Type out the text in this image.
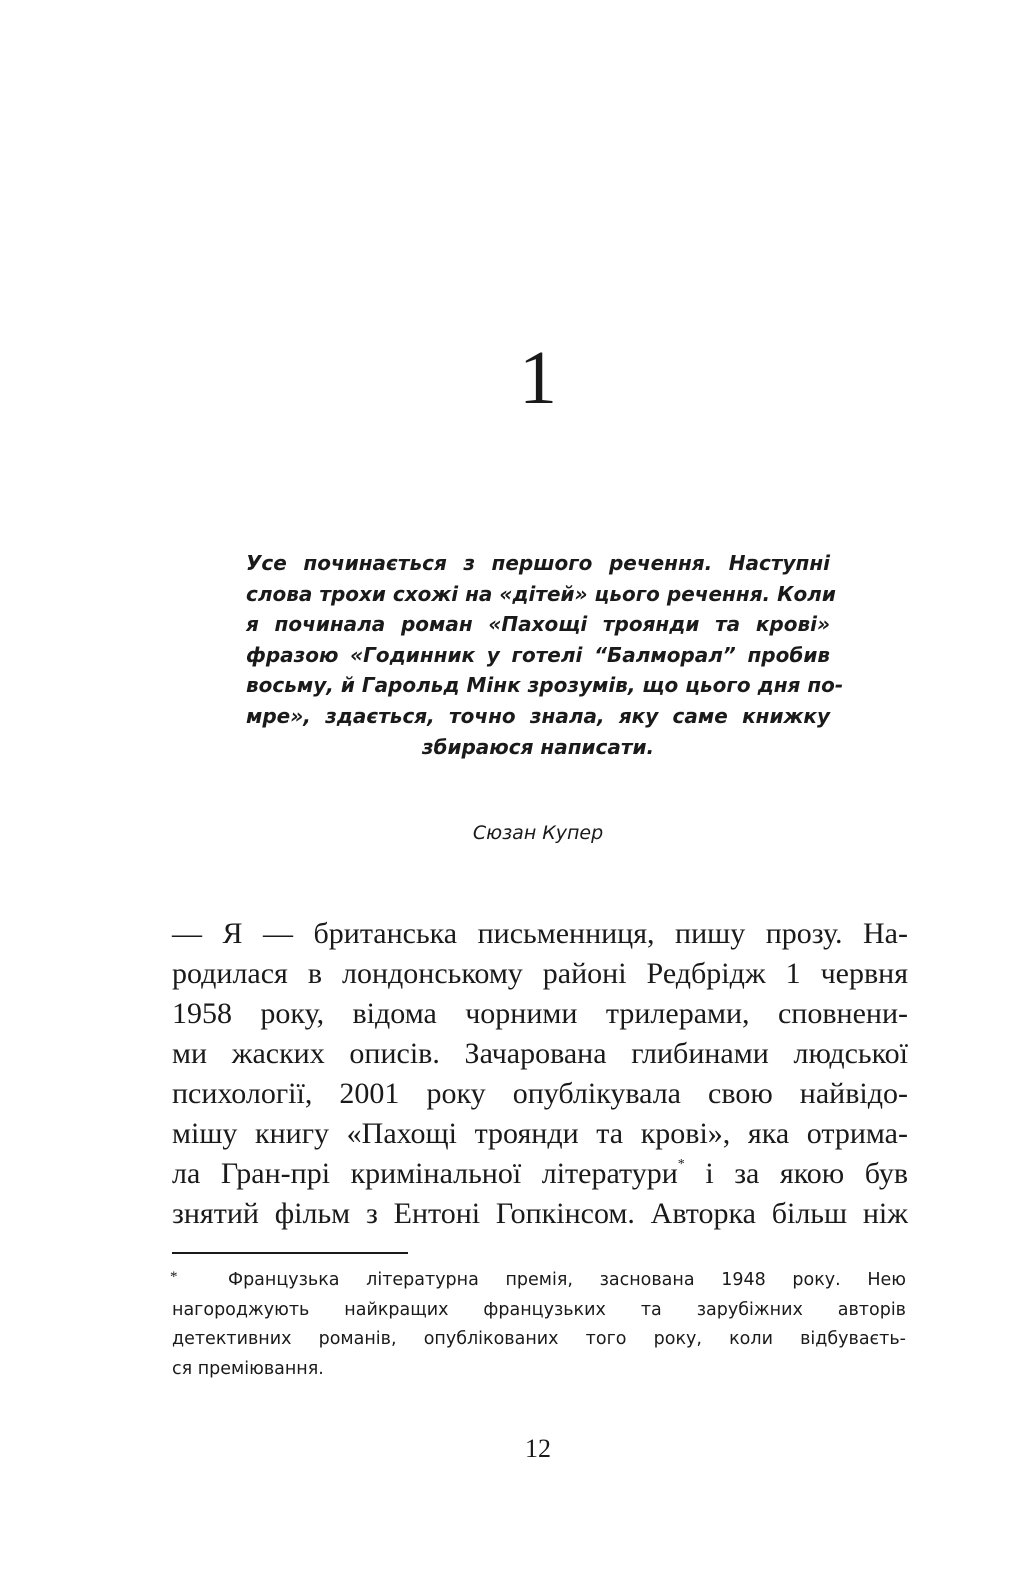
1
Усе починається з першого речення. Наступні
слова трохи схожі на «дітей» цього речення. Коли
я починала роман «Пахощі троянди та крові»
фразою «Годинник у готелі “Балморал” пробив
восьму, й Гарольд Мінк зрозумів, що цього дня по-
мре», здається, точно знала, яку саме книжку
збираюся написати.
Сюзан Купер
— Я — британська письменниця, пишу прозу. На-
родилася в лондонському районі Редбрідж 1 червня
1958 року, відома чорними трилерами, сповнени-
ми жаских описів. Зачарована глибинами людської
психології, 2001 року опублікувала свою найвідо-
мішу книгу «Пахощі троянди та крові», яка отрима-
ла Гран-прі кримінальної літератури* і за якою був
знятий фільм з Ентоні Гопкінсом. Авторка більш ніж
*	Французька літературна премія, заснована 1948 року. Нею
нагороджують найкращих французьких та зарубіжних авторів
детективних романів, опублікованих того року, коли відбуваєть-
ся преміювання.
12
